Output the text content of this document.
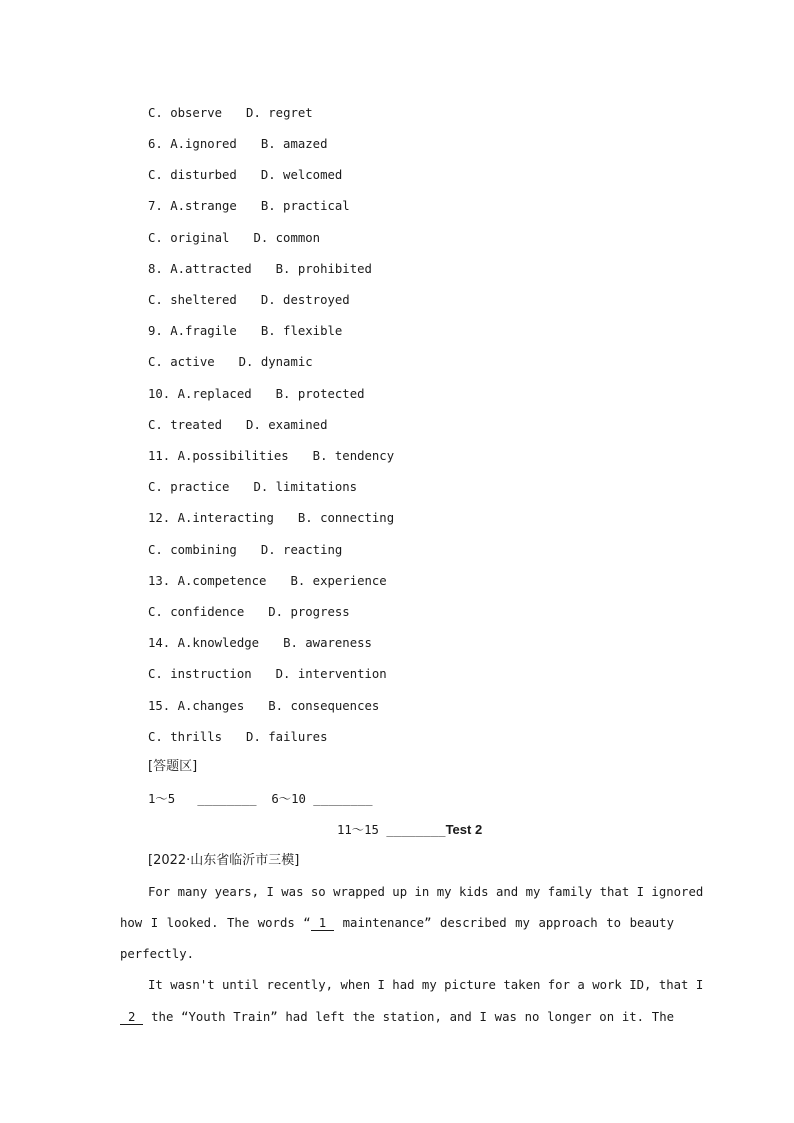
C. observe D. regret
6. A.ignored B. amazed
C. disturbed D. welcomed
7. A.strange B. practical
C. original D. common
8. A.attracted B. prohibited
C. sheltered D. destroyed
9. A.fragile B. flexible
C. active D. dynamic
10. A.replaced B. protected
C. treated D. examined
11. A.possibilities B. tendency
C. practice D. limitations
12. A.interacting B. connecting
C. combining D. reacting
13. A.competence B. experience
C. confidence D. progress
14. A.knowledge B. awareness
C. instruction D. intervention
15. A.changes B. consequences
C. thrills D. failures
[答题区]
1～5 ________ 6～10 ________
11～15 ________Test 2
[2022·山东省临沂市三模]
For many years, I was so wrapped up in my kids and my family that I ignored
how I looked. The words “ 1 maintenance” described my approach to beauty
perfectly.
It wasn't until recently, when I had my picture taken for a work ID, that I
2 the “Youth Train” had left the station, and I was no longer on it. The
